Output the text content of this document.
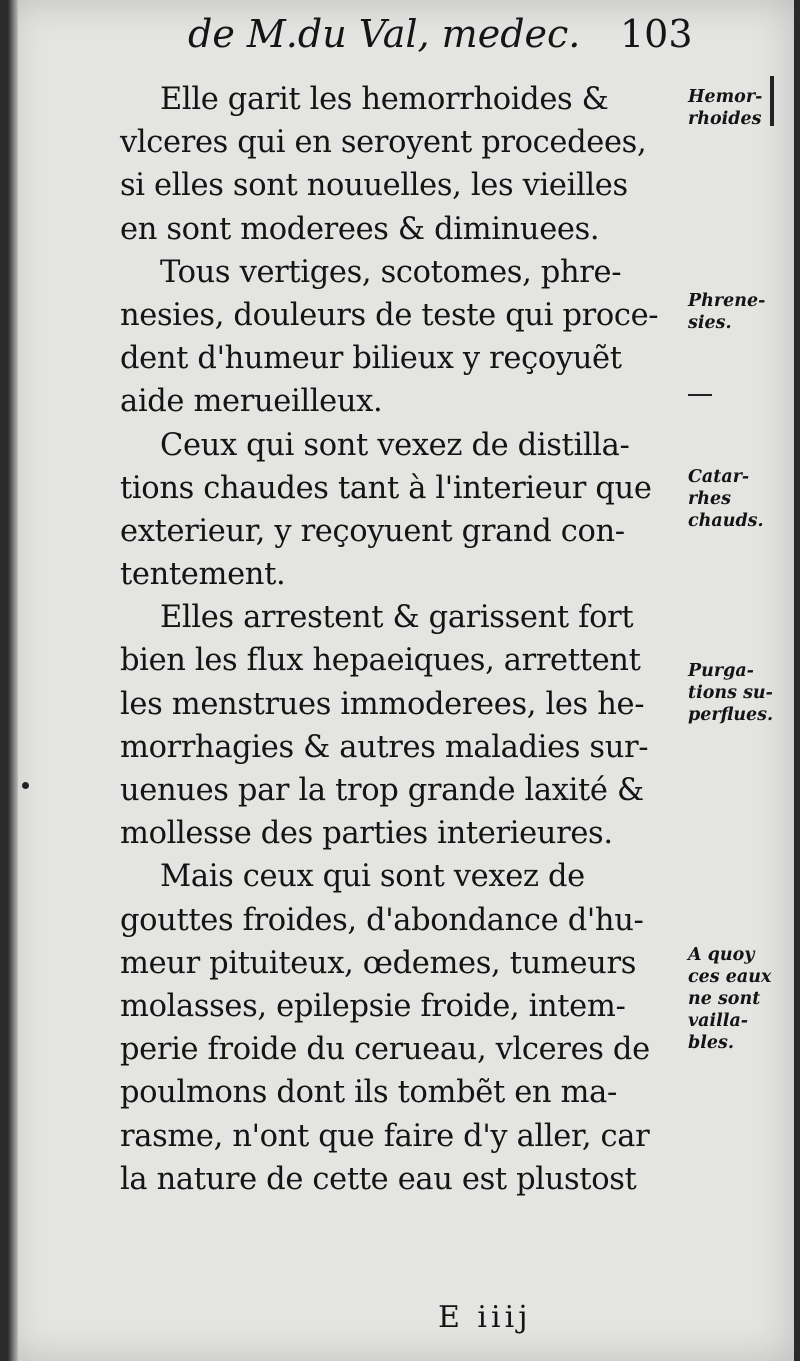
de M.du Val, medec. 103
Elle garit les hemorrhoides &
vlceres qui en seroyent procedees,
si elles sont nouuelles, les vieilles
en sont moderees & diminuees.
Tous vertiges, scotomes, phre-
nesies, douleurs de teste qui proce-
dent d'humeur bilieux y reçoyuẽt
aide merueilleux.
Ceux qui sont vexez de distilla-
tions chaudes tant à l'interieur que
exterieur, y reçoyuent grand con-
tentement.
Elles arrestent & garissent fort
bien les flux hepaeiques, arrettent
les menstrues immoderees, les he-
morrhagies & autres maladies sur-
uenues par la trop grande laxité &
mollesse des parties interieures.
Mais ceux qui sont vexez de
gouttes froides, d'abondance d'hu-
meur pituiteux, œdemes, tumeurs
molasses, epilepsie froide, intem-
perie froide du cerueau, vlceres de
poulmons dont ils tombẽt en ma-
rasme, n'ont que faire d'y aller, car
la nature de cette eau est plustost
Hemor-
rhoides
Phrene-
sies.
Catar-
rhes
chauds.
Purga-
tions su-
perflues.
A quoy
ces eaux
ne sont
vailla-
bles.
E iiij
